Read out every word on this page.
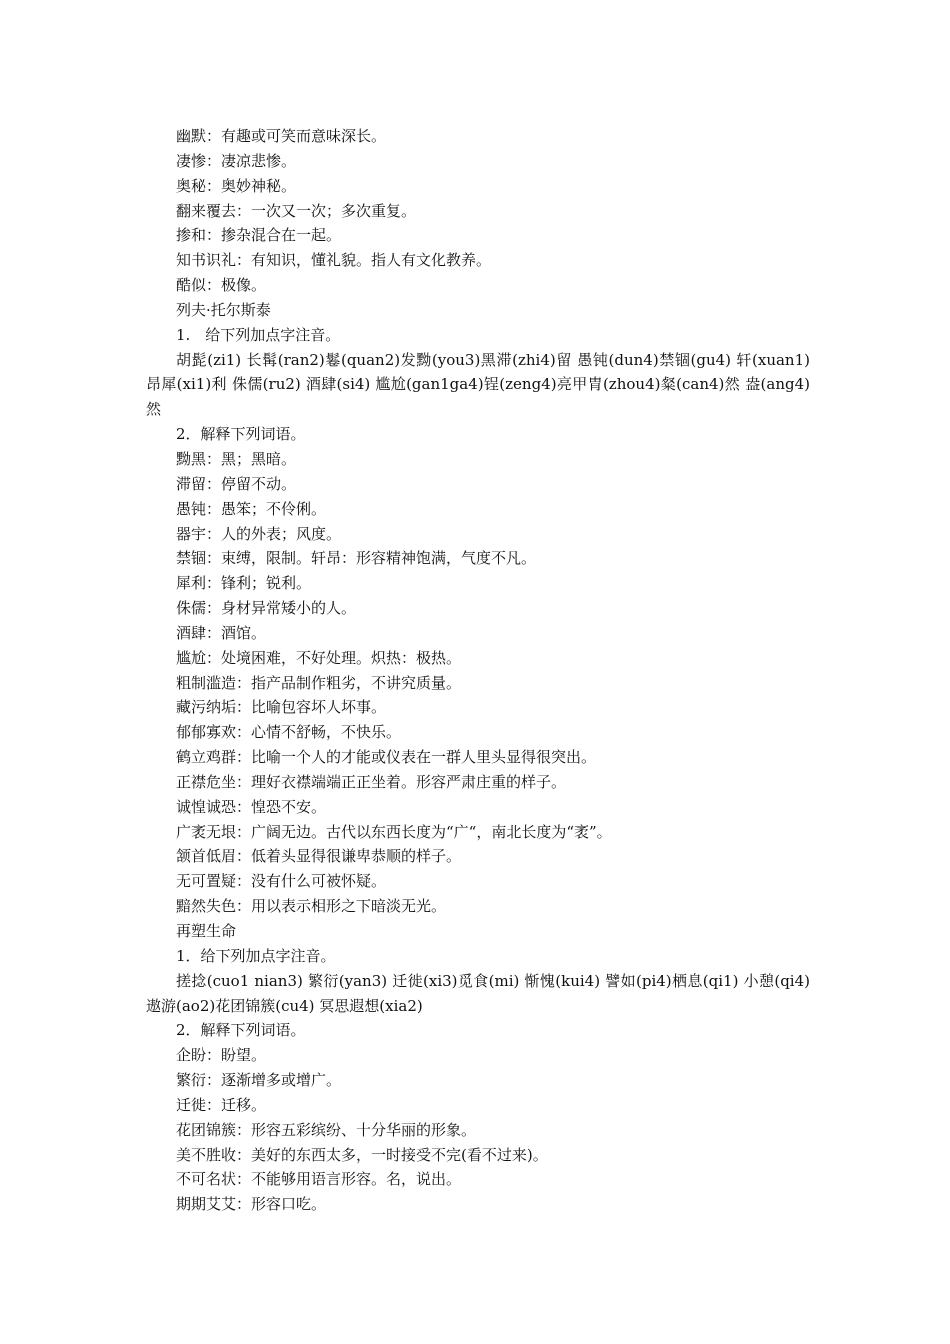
幽默：有趣或可笑而意味深长。
凄惨：凄凉悲惨。
奥秘：奥妙神秘。
翻来覆去：一次又一次；多次重复。
掺和：掺杂混合在一起。
知书识礼：有知识，懂礼貌。指人有文化教养。
酷似：极像。
列夫·托尔斯泰
1.　给下列加点字注音。
胡髭(zi1) 长髯(ran2)鬈(quan2)发黝(you3)黑滞(zhi4)留 愚钝(dun4)禁锢(gu4) 轩(xuan1)昂犀(xi1)利 侏儒(ru2) 酒肆(si4) 尴尬(gan1ga4)锃(zeng4)亮甲胄(zhou4)粲(can4)然 盎(ang4)然
2．解释下列词语。
黝黑：黑；黑暗。
滞留：停留不动。
愚钝：愚笨；不伶俐。
器宇：人的外表；风度。
禁锢：束缚，限制。轩昂：形容精神饱满，气度不凡。
犀利：锋利；锐利。
侏儒：身材异常矮小的人。
酒肆：酒馆。
尴尬：处境困难，不好处理。炽热：极热。
粗制滥造：指产品制作粗劣，不讲究质量。
藏污纳垢：比喻包容坏人坏事。
郁郁寡欢：心情不舒畅，不快乐。
鹤立鸡群：比喻一个人的才能或仪表在一群人里头显得很突出。
正襟危坐：理好衣襟端端正正坐着。形容严肃庄重的样子。
诚惶诚恐：惶恐不安。
广袤无垠：广阔无边。古代以东西长度为“广“，南北长度为“袤”。
颔首低眉：低着头显得很谦卑恭顺的样子。
无可置疑：没有什么可被怀疑。
黯然失色：用以表示相形之下暗淡无光。
再塑生命
1．给下列加点字注音。
搓捻(cuo1 nian3) 繁衍(yan3) 迁徙(xi3)觅食(mi) 惭愧(kui4) 譬如(pi4)栖息(qi1) 小憩(qi4) 遨游(ao2)花团锦簇(cu4) 冥思遐想(xia2)
2．解释下列词语。
企盼：盼望。
繁衍：逐渐增多或增广。
迁徙：迁移。
花团锦簇：形容五彩缤纷、十分华丽的形象。
美不胜收：美好的东西太多，一时接受不完(看不过来)。
不可名状：不能够用语言形容。名，说出。
期期艾艾：形容口吃。
